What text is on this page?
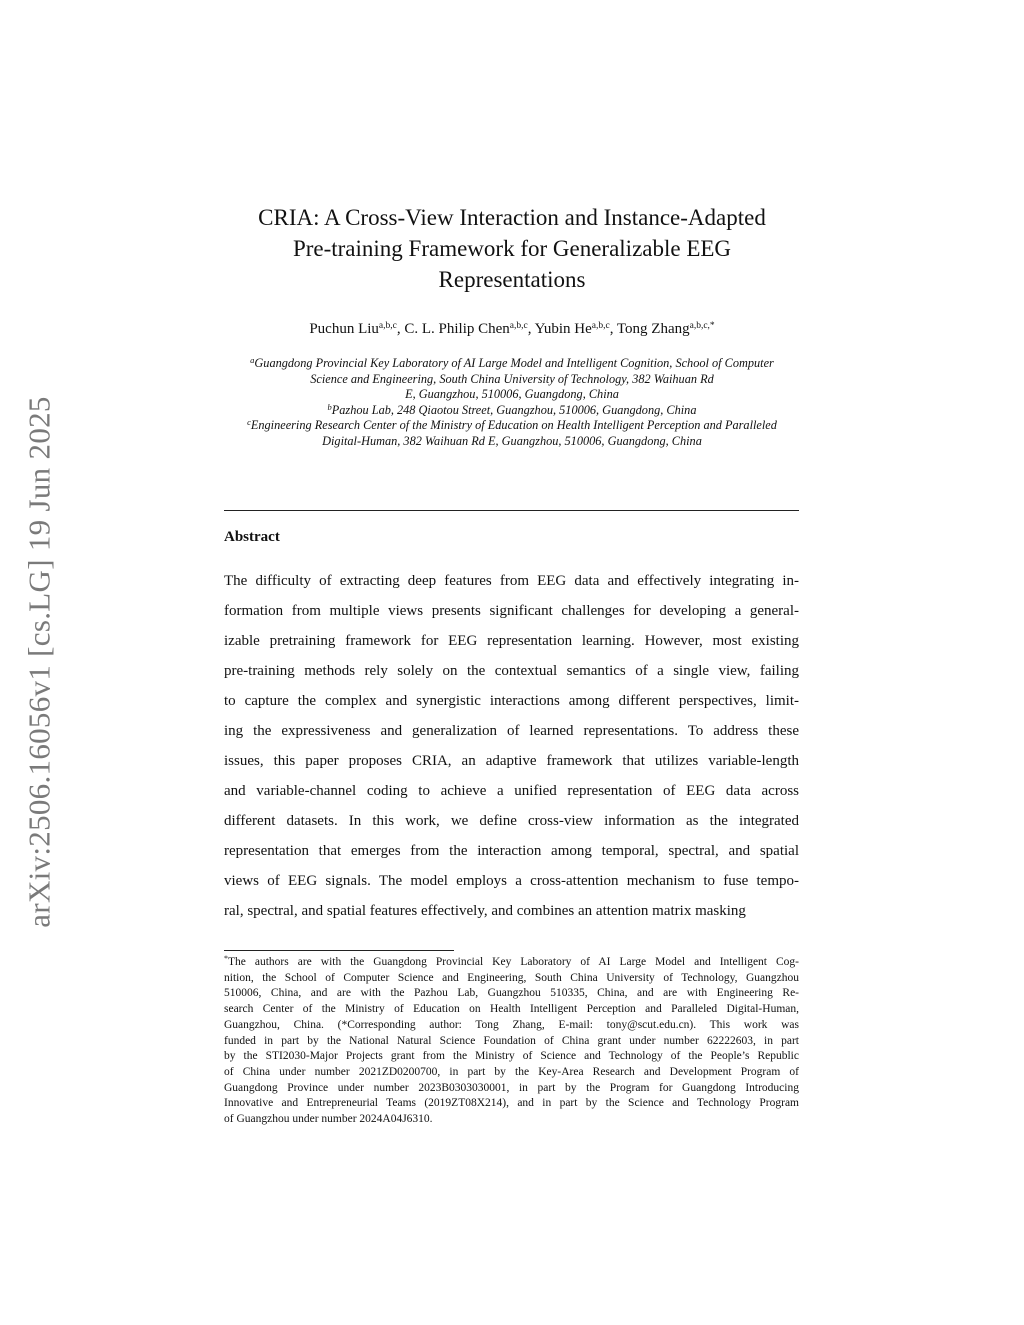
arXiv:2506.16056v1 [cs.LG] 19 Jun 2025
CRIA: A Cross-View Interaction and Instance-Adapted
Pre-training Framework for Generalizable EEG
Representations
Puchun Liu$^{a,b,c}$, C. L. Philip Chen$^{a,b,c}$, Yubin He$^{a,b,c}$, Tong Zhang$^{a,b,c,*}$
$^a$Guangdong Provincial Key Laboratory of AI Large Model and Intelligent Cognition, School of Computer
Science and Engineering, South China University of Technology, 382 Waihuan Rd
E, Guangzhou, 510006, Guangdong, China
$^b$Pazhou Lab, 248 Qiaotou Street, Guangzhou, 510006, Guangdong, China
$^c$Engineering Research Center of the Ministry of Education on Health Intelligent Perception and Paralleled
Digital-Human, 382 Waihuan Rd E, Guangzhou, 510006, Guangdong, China
Abstract
The difficulty of extracting deep features from EEG data and effectively integrating in-
formation from multiple views presents significant challenges for developing a general-
izable pretraining framework for EEG representation learning. However, most existing
pre-training methods rely solely on the contextual semantics of a single view, failing
to capture the complex and synergistic interactions among different perspectives, limit-
ing the expressiveness and generalization of learned representations. To address these
issues, this paper proposes CRIA, an adaptive framework that utilizes variable-length
and variable-channel coding to achieve a unified representation of EEG data across
different datasets. In this work, we define cross-view information as the integrated
representation that emerges from the interaction among temporal, spectral, and spatial
views of EEG signals. The model employs a cross-attention mechanism to fuse tempo-
ral, spectral, and spatial features effectively, and combines an attention matrix masking
*The authors are with the Guangdong Provincial Key Laboratory of AI Large Model and Intelligent Cog-
nition, the School of Computer Science and Engineering, South China University of Technology, Guangzhou
510006, China, and are with the Pazhou Lab, Guangzhou 510335, China, and are with Engineering Re-
search Center of the Ministry of Education on Health Intelligent Perception and Paralleled Digital-Human,
Guangzhou, China. (*Corresponding author: Tong Zhang, E-mail: tony@scut.edu.cn). This work was
funded in part by the National Natural Science Foundation of China grant under number 62222603, in part
by the STI2030-Major Projects grant from the Ministry of Science and Technology of the People’s Republic
of China under number 2021ZD0200700, in part by the Key-Area Research and Development Program of
Guangdong Province under number 2023B0303030001, in part by the Program for Guangdong Introducing
Innovative and Entrepreneurial Teams (2019ZT08X214), and in part by the Science and Technology Program
of Guangzhou under number 2024A04J6310.
